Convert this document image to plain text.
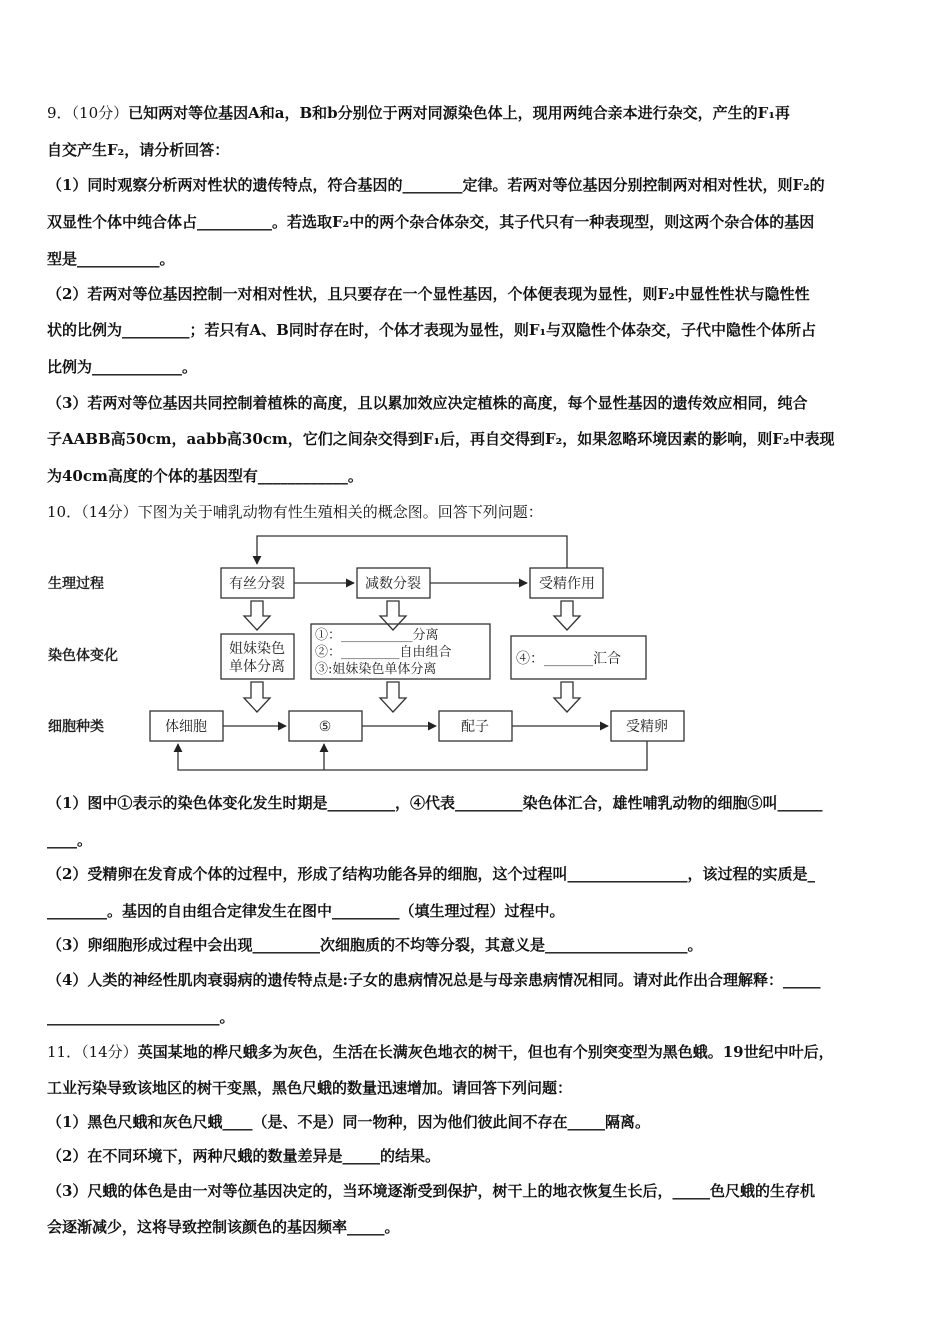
9．（10分）已知两对等位基因A和a，B和b分别位于两对同源染色体上，现用两纯合亲本进行杂交，产生的F₁再
自交产生F₂，请分析回答：
（1）同时观察分析两对性状的遗传特点，符合基因的________定律。若两对等位基因分别控制两对相对性状，则F₂的
双显性个体中纯合体占__________。若选取F₂中的两个杂合体杂交，其子代只有一种表现型，则这两个杂合体的基因
型是___________。
（2）若两对等位基因控制一对相对性状，且只要存在一个显性基因，个体便表现为显性，则F₂中显性性状与隐性性
状的比例为_________；若只有A、B同时存在时，个体才表现为显性，则F₁与双隐性个体杂交，子代中隐性个体所占
比例为____________。
（3）若两对等位基因共同控制着植株的高度，且以累加效应决定植株的高度，每个显性基因的遗传效应相同，纯合
子AABB高50cm，aabb高30cm，它们之间杂交得到F₁后，再自交得到F₂，如果忽略环境因素的影响，则F₂中表现
为40cm高度的个体的基因型有____________。
10．（14分）下图为关于哺乳动物有性生殖相关的概念图。回答下列问题：
生理过程
染色体变化
细胞种类
有丝分裂	减数分裂	受精作用
姐妹染色
单体分离
①：___________分离
②：_________自由组合
③:姐妹染色单体分离
④：_______汇合
体细胞	⑤	配子	受精卵
（1）图中①表示的染色体变化发生时期是_________，④代表_________染色体汇合，雄性哺乳动物的细胞⑤叫______
____。
（2）受精卵在发育成个体的过程中，形成了结构功能各异的细胞，这个过程叫________________，该过程的实质是_
________。基因的自由组合定律发生在图中_________（填生理过程）过程中。
（3）卵细胞形成过程中会出现_________次细胞质的不均等分裂，其意义是___________________。
（4）人类的神经性肌肉衰弱病的遗传特点是:子女的患病情况总是与母亲患病情况相同。请对此作出合理解释：_____
_______________________。
11．（14分）英国某地的桦尺蛾多为灰色，生活在长满灰色地衣的树干，但也有个别突变型为黑色蛾。19世纪中叶后，
工业污染导致该地区的树干变黑，黑色尺蛾的数量迅速增加。请回答下列问题：
（1）黑色尺蛾和灰色尺蛾____（是、不是）同一物种，因为他们彼此间不存在_____隔离。
（2）在不同环境下，两种尺蛾的数量差异是_____的结果。
（3）尺蛾的体色是由一对等位基因决定的，当环境逐渐受到保护，树干上的地衣恢复生长后，_____色尺蛾的生存机
会逐渐减少，这将导致控制该颜色的基因频率_____。
